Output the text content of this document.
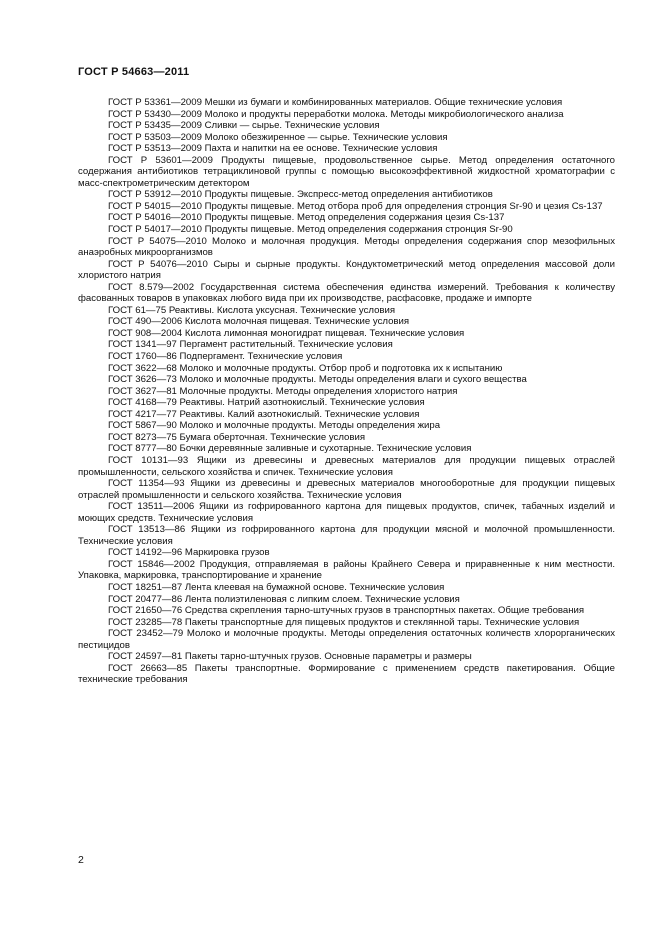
ГОСТ Р 54663—2011

ГОСТ Р 53361—2009 Мешки из бумаги и комбинированных материалов. Общие технические условия

ГОСТ Р 53430—2009 Молоко и продукты переработки молока. Методы микробиологического анализа

ГОСТ Р 53435—2009 Сливки — сырье. Технические условия

ГОСТ Р 53503—2009 Молоко обезжиренное — сырье. Технические условия

ГОСТ Р 53513—2009 Пахта и напитки на ее основе. Технические условия

ГОСТ Р 53601—2009 Продукты пищевые, продовольственное сырье. Метод определения остаточного содержания антибиотиков тетрациклиновой группы с помощью высокоэффективной жидкостной хроматографии с масс-спектрометрическим детектором

ГОСТ Р 53912—2010 Продукты пищевые. Экспресс-метод определения антибиотиков

ГОСТ Р 54015—2010 Продукты пищевые. Метод отбора проб для определения стронция Sr-90 и цезия Cs-137

ГОСТ Р 54016—2010 Продукты пищевые. Метод определения содержания цезия Cs-137

ГОСТ Р 54017—2010 Продукты пищевые. Метод определения содержания стронция Sr-90

ГОСТ Р 54075—2010 Молоко и молочная продукция. Методы определения содержания спор мезофильных анаэробных микроорганизмов

ГОСТ Р 54076—2010 Сыры и сырные продукты. Кондуктометрический метод определения массовой доли хлористого натрия

ГОСТ 8.579—2002 Государственная система обеспечения единства измерений. Требования к количеству фасованных товаров в упаковках любого вида при их производстве, расфасовке, продаже и импорте

ГОСТ 61—75 Реактивы. Кислота уксусная. Технические условия

ГОСТ 490—2006 Кислота молочная пищевая. Технические условия

ГОСТ 908—2004 Кислота лимонная моногидрат пищевая. Технические условия

ГОСТ 1341—97 Пергамент растительный. Технические условия

ГОСТ 1760—86 Подпергамент. Технические условия

ГОСТ 3622—68 Молоко и молочные продукты. Отбор проб и подготовка их к испытанию

ГОСТ 3626—73 Молоко и молочные продукты. Методы определения влаги и сухого вещества

ГОСТ 3627—81 Молочные продукты. Методы определения хлористого натрия

ГОСТ 4168—79 Реактивы. Натрий азотнокислый. Технические условия

ГОСТ 4217—77 Реактивы. Калий азотнокислый. Технические условия

ГОСТ 5867—90 Молоко и молочные продукты. Методы определения жира

ГОСТ 8273—75 Бумага оберточная. Технические условия

ГОСТ 8777—80 Бочки деревянные заливные и сухотарные. Технические условия

ГОСТ 10131—93 Ящики из древесины и древесных материалов для продукции пищевых отраслей промышленности, сельского хозяйства и спичек. Технические условия

ГОСТ 11354—93 Ящики из древесины и древесных материалов многооборотные для продукции пищевых отраслей промышленности и сельского хозяйства. Технические условия

ГОСТ 13511—2006 Ящики из гофрированного картона для пищевых продуктов, спичек, табачных изделий и моющих средств. Технические условия

ГОСТ 13513—86 Ящики из гофрированного картона для продукции мясной и молочной промышленности. Технические условия

ГОСТ 14192—96 Маркировка грузов

ГОСТ 15846—2002 Продукция, отправляемая в районы Крайнего Севера и приравненные к ним местности. Упаковка, маркировка, транспортирование и хранение

ГОСТ 18251—87 Лента клеевая на бумажной основе. Технические условия

ГОСТ 20477—86 Лента полиэтиленовая с липким слоем. Технические условия

ГОСТ 21650—76 Средства скрепления тарно-штучных грузов в транспортных пакетах. Общие требования

ГОСТ 23285—78 Пакеты транспортные для пищевых продуктов и стеклянной тары. Технические условия

ГОСТ 23452—79 Молоко и молочные продукты. Методы определения остаточных количеств хлорорганических пестицидов

ГОСТ 24597—81 Пакеты тарно-штучных грузов. Основные параметры и размеры

ГОСТ 26663—85 Пакеты транспортные. Формирование с применением средств пакетирования. Общие технические требования

2
